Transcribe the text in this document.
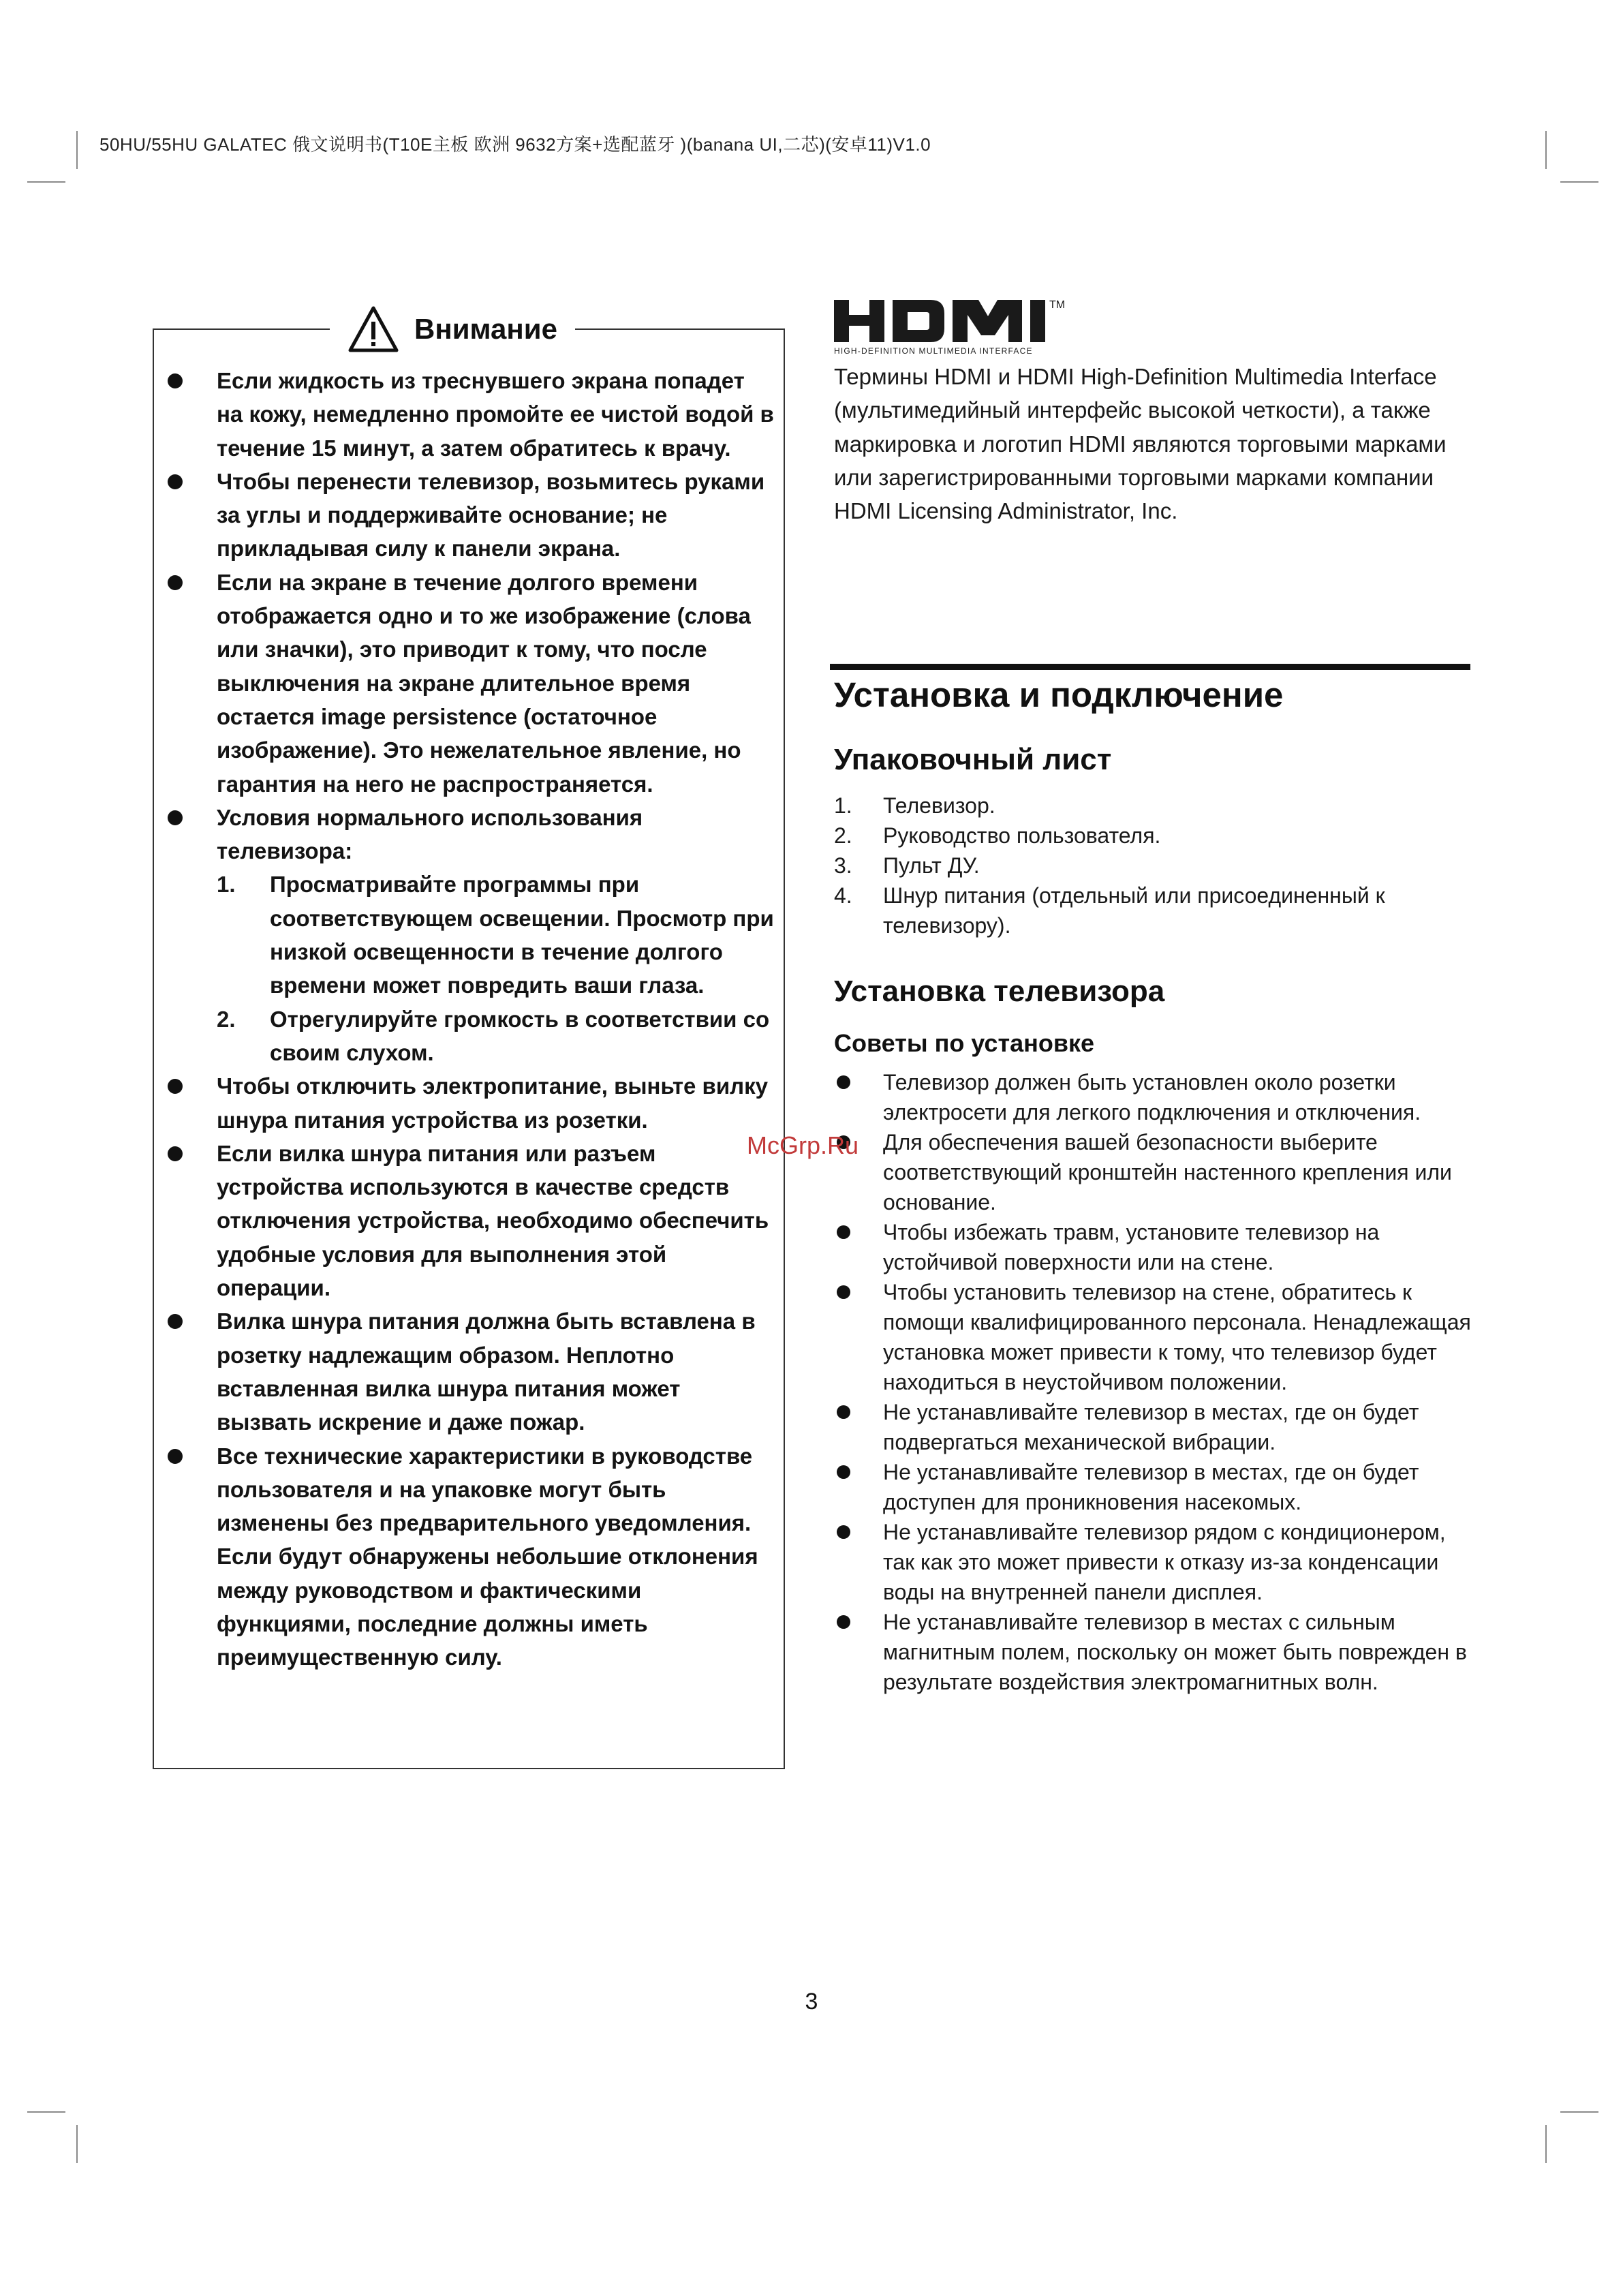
50HU/55HU GALATEC 俄文说明书(T10E主板 欧洲 9632方案+选配蓝牙 )(banana UI,二芯)(安卓11)V1.0
Внимание
Если жидкость из треснувшего экрана попадет на кожу, немедленно промойте ее чистой водой в течение 15 минут, а затем обратитесь к врачу.
Чтобы перенести телевизор, возьмитесь руками за углы и поддерживайте основание; не прикладывая силу к панели экрана.
Если на экране в течение долгого времени отображается одно и то же изображение (слова или значки), это приводит к тому, что после выключения на экране длительное время остается image persistence (остаточное изображение). Это нежелательное явление, но гарантия на него не распространяется.
Условия нормального использования телевизора:
1. Просматривайте программы при соответствующем освещении. Просмотр при низкой освещенности в течение долгого времени может повредить ваши глаза.
2. Отрегулируйте громкость в соответствии со своим слухом.
Чтобы отключить электропитание, выньте вилку шнура питания устройства из розетки.
Если вилка шнура питания или разъем устройства используются в качестве средств отключения устройства, необходимо обеспечить удобные условия для выполнения этой операции.
Вилка шнура питания должна быть вставлена в розетку надлежащим образом. Неплотно вставленная вилка шнура питания может вызвать искрение и даже пожар.
Все технические характеристики в руководстве пользователя и на упаковке могут быть изменены без предварительного уведомления. Если будут обнаружены небольшие отклонения между руководством и фактическими функциями, последние должны иметь преимущественную силу.
TM
HIGH-DEFINITION MULTIMEDIA INTERFACE
Термины HDMI и HDMI High-Definition Multimedia Interface (мультимедийный интерфейс высокой четкости), а также маркировка и логотип HDMI являются торговыми марками или зарегистрированными торговыми марками компании HDMI Licensing Administrator, Inc.
Установка и подключение
Упаковочный лист
1. Телевизор.
2. Руководство пользователя.
3. Пульт ДУ.
4. Шнур питания (отдельный или присоединенный к телевизору).
Установка телевизора
Советы по установке
Телевизор должен быть установлен около розетки электросети для легкого подключения и отключения.
Для обеспечения вашей безопасности выберите соответствующий кронштейн настенного крепления или основание.
Чтобы избежать травм, установите телевизор на устойчивой поверхности или на стене.
Чтобы установить телевизор на стене, обратитесь к помощи квалифицированного персонала. Ненадлежащая установка может привести к тому, что телевизор будет находиться в неустойчивом положении.
Не устанавливайте телевизор в местах, где он будет подвергаться механической вибрации.
Не устанавливайте телевизор в местах, где он будет доступен для проникновения насекомых.
Не устанавливайте телевизор рядом с кондиционером, так как это может привести к отказу из-за конденсации воды на внутренней панели дисплея.
Не устанавливайте телевизор в местах с сильным магнитным полем, поскольку он может быть поврежден в результате воздействия электромагнитных волн.
McGrp.Ru
3
